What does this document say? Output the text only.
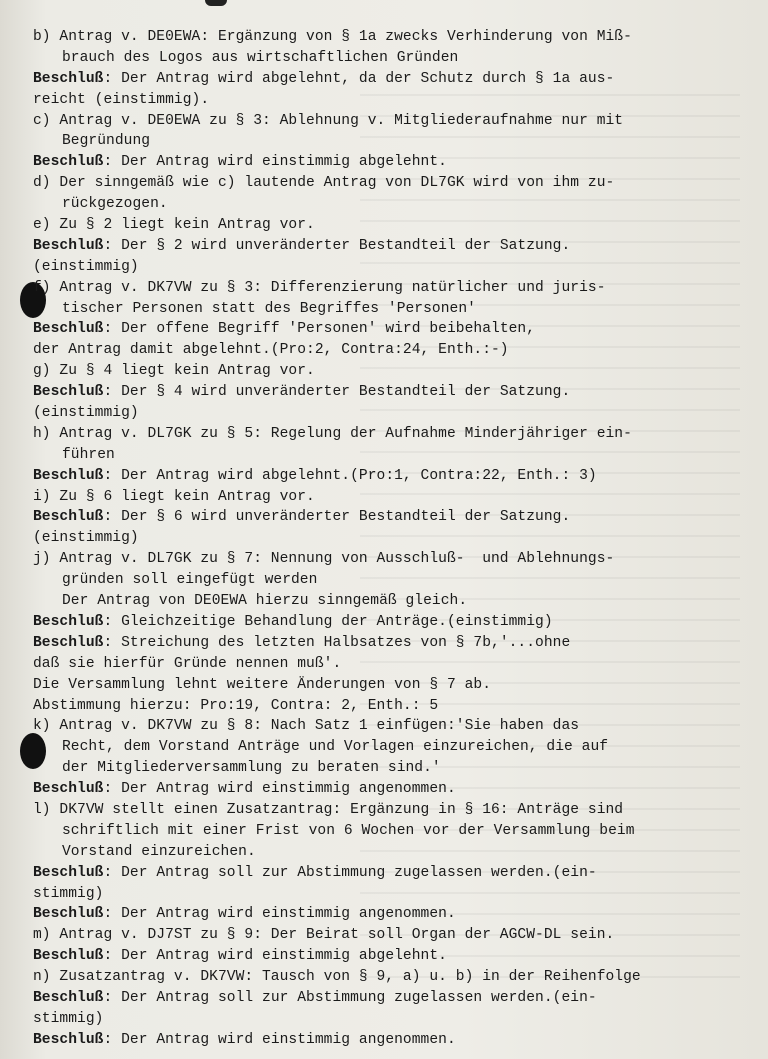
b) Antrag v. DE0EWA: Ergänzung von § 1a zwecks Verhinderung von Miß-
brauch des Logos aus wirtschaftlichen Gründen
Beschluß: Der Antrag wird abgelehnt, da der Schutz durch § 1a aus-
reicht (einstimmig).
c) Antrag v. DE0EWA zu § 3: Ablehnung v. Mitgliederaufnahme nur mit
Begründung
Beschluß: Der Antrag wird einstimmig abgelehnt.
d) Der sinngemäß wie c) lautende Antrag von DL7GK wird von ihm zu-
rückgezogen.
e) Zu § 2 liegt kein Antrag vor.
Beschluß: Der § 2 wird unveränderter Bestandteil der Satzung.
(einstimmig)
f) Antrag v. DK7VW zu § 3: Differenzierung natürlicher und juris-
tischer Personen statt des Begriffes 'Personen'
Beschluß: Der offene Begriff 'Personen' wird beibehalten,
der Antrag damit abgelehnt.(Pro:2, Contra:24, Enth.:-)
g) Zu § 4 liegt kein Antrag vor.
Beschluß: Der § 4 wird unveränderter Bestandteil der Satzung.
(einstimmig)
h) Antrag v. DL7GK zu § 5: Regelung der Aufnahme Minderjähriger ein-
führen
Beschluß: Der Antrag wird abgelehnt.(Pro:1, Contra:22, Enth.: 3)
i) Zu § 6 liegt kein Antrag vor.
Beschluß: Der § 6 wird unveränderter Bestandteil der Satzung.
(einstimmig)
j) Antrag v. DL7GK zu § 7: Nennung von Ausschluß-  und Ablehnungs-
gründen soll eingefügt werden
Der Antrag von DE0EWA hierzu sinngemäß gleich.
Beschluß: Gleichzeitige Behandlung der Anträge.(einstimmig)
Beschluß: Streichung des letzten Halbsatzes von § 7b,'...ohne
daß sie hierfür Gründe nennen muß'.
Die Versammlung lehnt weitere Änderungen von § 7 ab.
Abstimmung hierzu: Pro:19, Contra: 2, Enth.: 5
k) Antrag v. DK7VW zu § 8: Nach Satz 1 einfügen:'Sie haben das
Recht, dem Vorstand Anträge und Vorlagen einzureichen, die auf
der Mitgliederversammlung zu beraten sind.'
Beschluß: Der Antrag wird einstimmig angenommen.
l) DK7VW stellt einen Zusatzantrag: Ergänzung in § 16: Anträge sind
schriftlich mit einer Frist von 6 Wochen vor der Versammlung beim
Vorstand einzureichen.
Beschluß: Der Antrag soll zur Abstimmung zugelassen werden.(ein-
stimmig)
Beschluß: Der Antrag wird einstimmig angenommen.
m) Antrag v. DJ7ST zu § 9: Der Beirat soll Organ der AGCW-DL sein.
Beschluß: Der Antrag wird einstimmig abgelehnt.
n) Zusatzantrag v. DK7VW: Tausch von § 9, a) u. b) in der Reihenfolge
Beschluß: Der Antrag soll zur Abstimmung zugelassen werden.(ein-
stimmig)
Beschluß: Der Antrag wird einstimmig angenommen.
